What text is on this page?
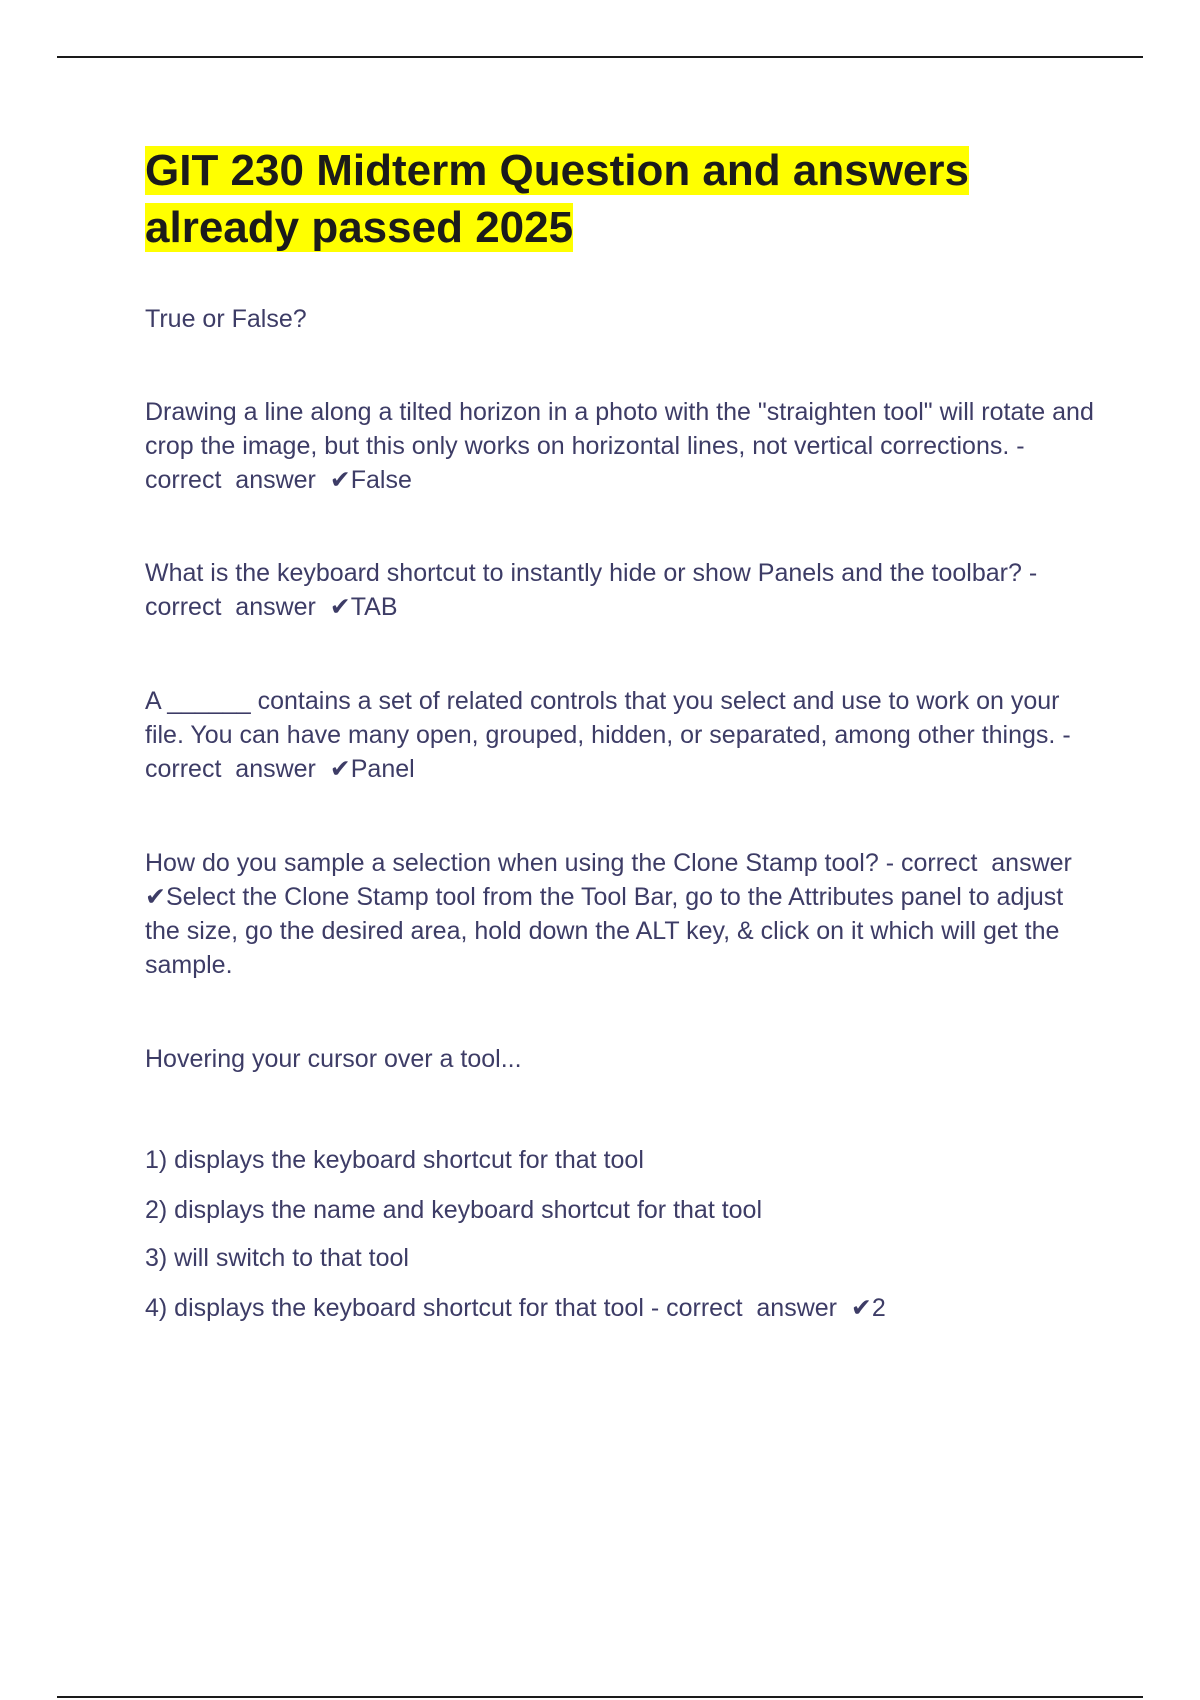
GIT 230 Midterm Question and answers already passed 2025

True or False?

Drawing a line along a tilted horizon in a photo with the "straighten tool" will rotate and crop the image, but this only works on horizontal lines, not vertical corrections. - correct  answer  ✔False

What is the keyboard shortcut to instantly hide or show Panels and the toolbar? - correct  answer  ✔TAB

A ______ contains a set of related controls that you select and use to work on your file. You can have many open, grouped, hidden, or separated, among other things. - correct  answer  ✔Panel

How do you sample a selection when using the Clone Stamp tool? - correct  answer  ✔Select the Clone Stamp tool from the Tool Bar, go to the Attributes panel to adjust the size, go the desired area, hold down the ALT key, & click on it which will get the sample.

Hovering your cursor over a tool...

1) displays the keyboard shortcut for that tool

2) displays the name and keyboard shortcut for that tool

3) will switch to that tool

4) displays the keyboard shortcut for that tool - correct  answer  ✔2
